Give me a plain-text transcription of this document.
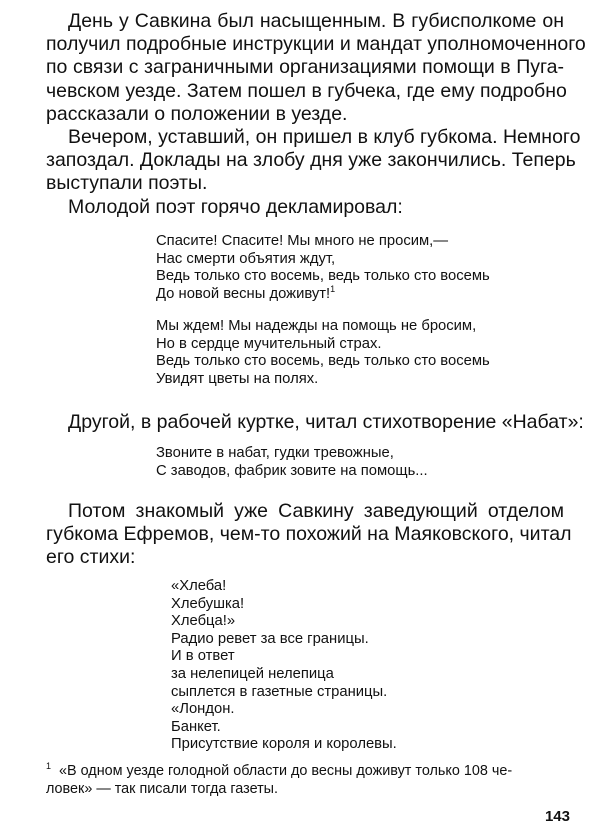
День у Савкина был насыщенным. В губисполкоме он
получил подробные инструкции и мандат уполномоченного
по связи с заграничными организациями помощи в Пуга-
чевском уезде. Затем пошел в губчека, где ему подробно
рассказали о положении в уезде.
Вечером, уставший, он пришел в клуб губкома. Немного
запоздал. Доклады на злобу дня уже закончились. Теперь
выступали поэты.
Молодой поэт горячо декламировал:
Спасите! Спасите! Мы много не просим,—
Нас смерти объятия ждут,
Ведь только сто восемь, ведь только сто восемь
До новой весны доживут!$^1$
Мы ждем! Мы надежды на помощь не бросим,
Но в сердце мучительный страх.
Ведь только сто восемь, ведь только сто восемь
Увидят цветы на полях.
Другой, в рабочей куртке, читал стихотворение «Набат»:
Звоните в набат, гудки тревожные,
С заводов, фабрик зовите на помощь...
Потом знакомый уже Савкину заведующий отделом
губкома Ефремов, чем-то похожий на Маяковского, читал
его стихи:
«Хлеба!
Хлебушка!
Хлебца!»
Радио ревет за все границы.
И в ответ
за нелепицей нелепица
сыплется в газетные страницы.
«Лондон.
Банкет.
Присутствие короля и королевы.
$^1$ «В одном уезде голодной области до весны доживут только 108 че-
ловек» — так писали тогда газеты.
143
